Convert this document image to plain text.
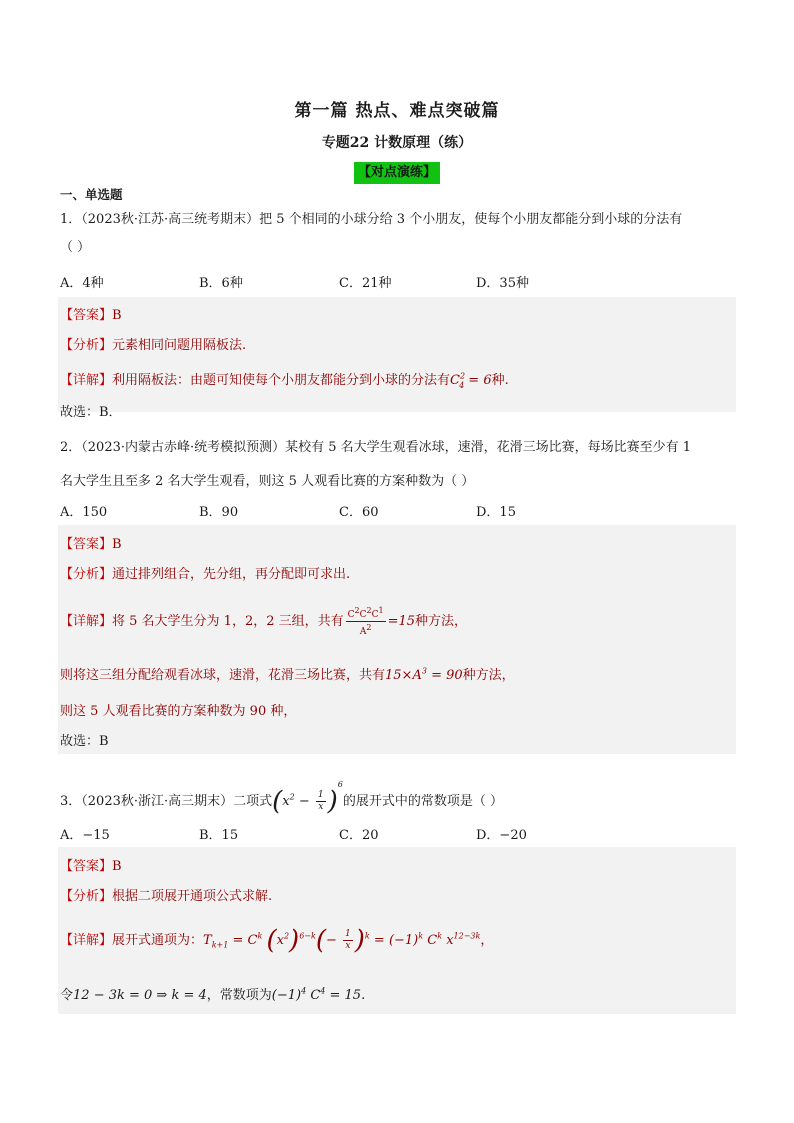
第一篇 热点、难点突破篇
专题22 计数原理（练）
【对点演练】
一、单选题
1．（2023秋·江苏·高三统考期末）把 5 个相同的小球分给 3 个小朋友，使每个小朋友都能分到小球的分法有
（ ）
A．4种	B．6种	C．21种	D．35种
【答案】B
【分析】元素相同问题用隔板法.
【详解】利用隔板法：由题可知使每个小朋友都能分到小球的分法有$C^2_4 = 6$种.
故选：B．
2．（2023·内蒙古赤峰·统考模拟预测）某校有 5 名大学生观看冰球，速滑，花滑三场比赛，每场比赛至少有 1
名大学生且至多 2 名大学生观看，则这 5 人观看比赛的方案种数为（ ）
A．150	B．90	C．60	D．15
【答案】B
【分析】通过排列组合，先分组，再分配即可求出.
【详解】将 5 名大学生分为 1，2，2 三组，共有 $\frac{C^2C^2C^1}{A^2} =15$种方法，
则将这三组分配给观看冰球，速滑，花滑三场比赛，共有$15\times A^3 = 90$种方法，
则这 5 人观看比赛的方案种数为 90 种，
故选：B
3．（2023秋·浙江·高三期末）二项式$(x^2 - \frac{1}{x} )^6$的展开式中的常数项是（ ）
A．−15	B．15	C．20	D．−20
【答案】B
【分析】根据二项展开通项公式求解.
【详解】展开式通项为：$T_{k+1} = C^k$ $(x^2)^{6-k}(- \frac{1}{x} )^k = (-1)^k$ $C^k$ $x^{12-3k}$，
令12 − 3k = 0 ⇒ k = 4，常数项为$(-1)^4$ $C^4 = 15$.
